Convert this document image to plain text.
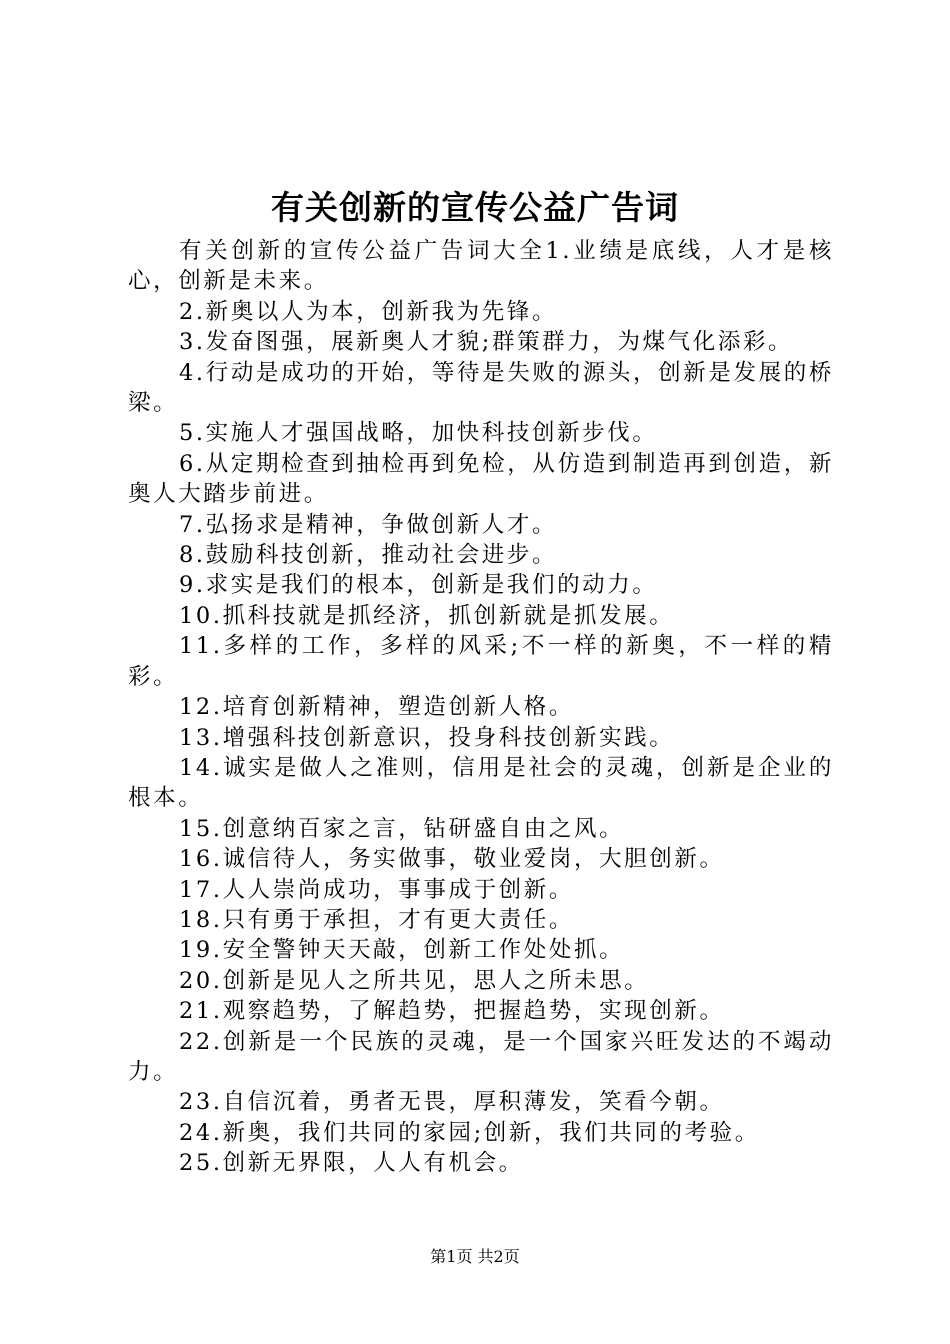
有关创新的宣传公益广告词

有关创新的宣传公益广告词大全1.业绩是底线，人才是核心，创新是未来。

2.新奥以人为本，创新我为先锋。

3.发奋图强，展新奥人才貌;群策群力，为煤气化添彩。

4.行动是成功的开始，等待是失败的源头，创新是发展的桥梁。

5.实施人才强国战略，加快科技创新步伐。

6.从定期检查到抽检再到免检，从仿造到制造再到创造，新奥人大踏步前进。

7.弘扬求是精神，争做创新人才。

8.鼓励科技创新，推动社会进步。

9.求实是我们的根本，创新是我们的动力。

10.抓科技就是抓经济，抓创新就是抓发展。

11.多样的工作，多样的风采;不一样的新奥，不一样的精彩。

12.培育创新精神，塑造创新人格。

13.增强科技创新意识，投身科技创新实践。

14.诚实是做人之准则，信用是社会的灵魂，创新是企业的根本。

15.创意纳百家之言，钻研盛自由之风。

16.诚信待人，务实做事，敬业爱岗，大胆创新。

17.人人崇尚成功，事事成于创新。

18.只有勇于承担，才有更大责任。

19.安全警钟天天敲，创新工作处处抓。

20.创新是见人之所共见，思人之所未思。

21.观察趋势，了解趋势，把握趋势，实现创新。

22.创新是一个民族的灵魂，是一个国家兴旺发达的不竭动力。

23.自信沉着，勇者无畏，厚积薄发，笑看今朝。

24.新奥，我们共同的家园;创新，我们共同的考验。

25.创新无界限，人人有机会。

第1页 共2页
